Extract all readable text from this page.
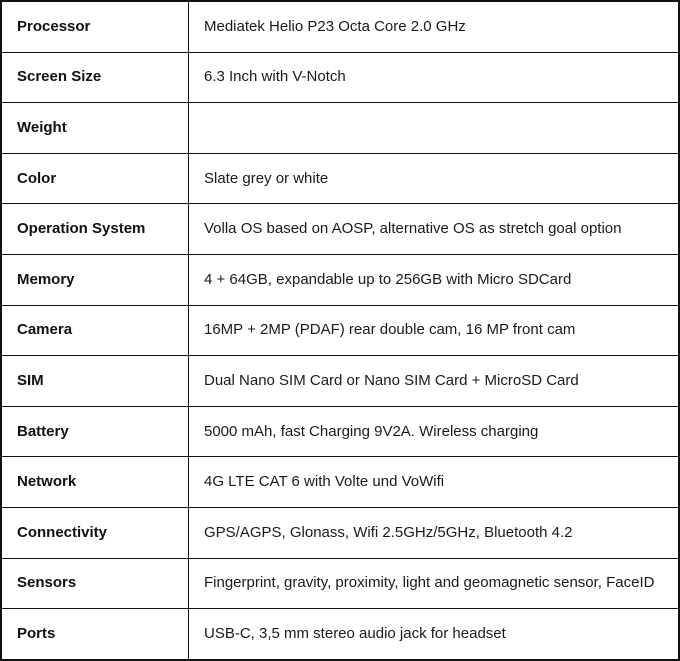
Processor	Mediatek Helio P23 Octa Core 2.0 GHz
Screen Size	6.3 Inch with V-Notch
Weight	
Color	Slate grey or white
Operation System	Volla OS based on AOSP, alternative OS as stretch goal option
Memory	4 + 64GB, expandable up to 256GB with Micro SDCard
Camera	16MP + 2MP (PDAF) rear double cam, 16 MP front cam
SIM	Dual Nano SIM Card or Nano SIM Card + MicroSD Card
Battery	5000 mAh, fast Charging 9V2A. Wireless charging
Network	4G LTE CAT 6 with Volte und VoWifi
Connectivity	GPS/AGPS, Glonass, Wifi 2.5GHz/5GHz, Bluetooth 4.2
Sensors	Fingerprint, gravity, proximity, light and geomagnetic sensor, FaceID
Ports	USB-C, 3,5 mm stereo audio jack for headset
